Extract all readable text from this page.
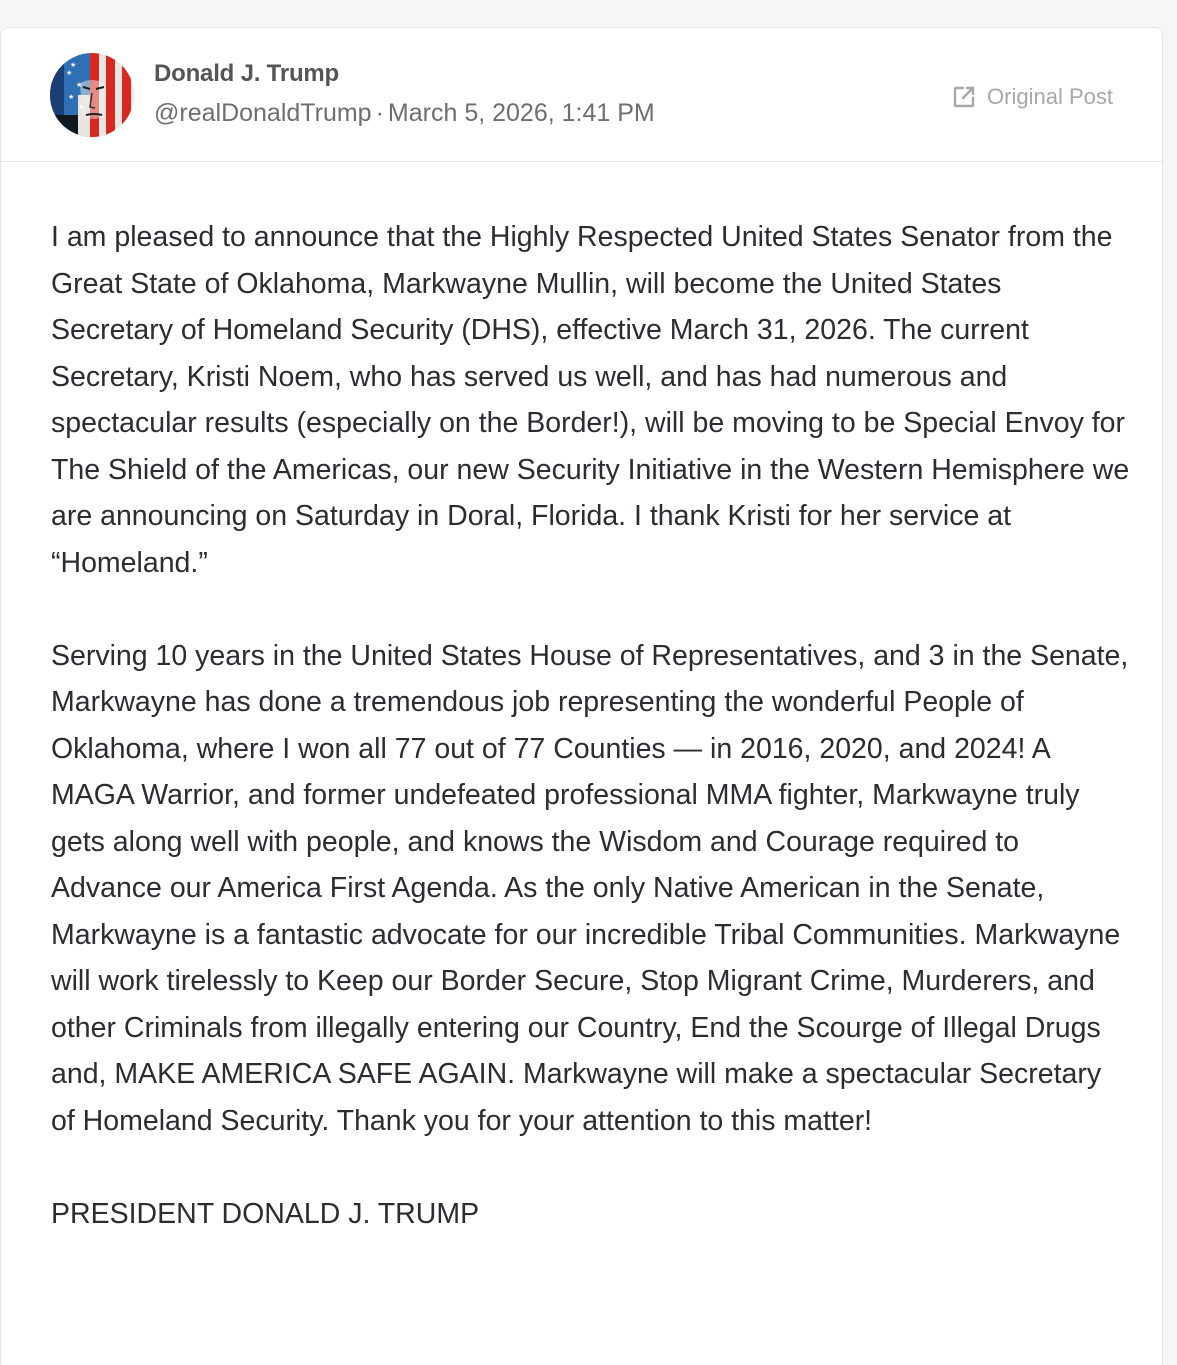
★
★
★
★
★	Donald J. Trump
@realDonaldTrump · March 5, 2026, 1:41 PM
Original Post

I am pleased to announce that the Highly Respected United States Senator from the Great State of Oklahoma, Markwayne Mullin, will become the United States Secretary of Homeland Security (DHS), effective March 31, 2026. The current Secretary, Kristi Noem, who has served us well, and has had numerous and spectacular results (especially on the Border!), will be moving to be Special Envoy for The Shield of the Americas, our new Security Initiative in the Western Hemisphere we are announcing on Saturday in Doral, Florida. I thank Kristi for her service at “Homeland.”

Serving 10 years in the United States House of Representatives, and 3 in the Senate, Markwayne has done a tremendous job representing the wonderful People of Oklahoma, where I won all 77 out of 77 Counties — in 2016, 2020, and 2024! A MAGA Warrior, and former undefeated professional MMA fighter, Markwayne truly gets along well with people, and knows the Wisdom and Courage required to Advance our America First Agenda. As the only Native American in the Senate, Markwayne is a fantastic advocate for our incredible Tribal Communities. Markwayne will work tirelessly to Keep our Border Secure, Stop Migrant Crime, Murderers, and other Criminals from illegally entering our Country, End the Scourge of Illegal Drugs and, MAKE AMERICA SAFE AGAIN. Markwayne will make a spectacular Secretary of Homeland Security. Thank you for your attention to this matter!

PRESIDENT DONALD J. TRUMP
